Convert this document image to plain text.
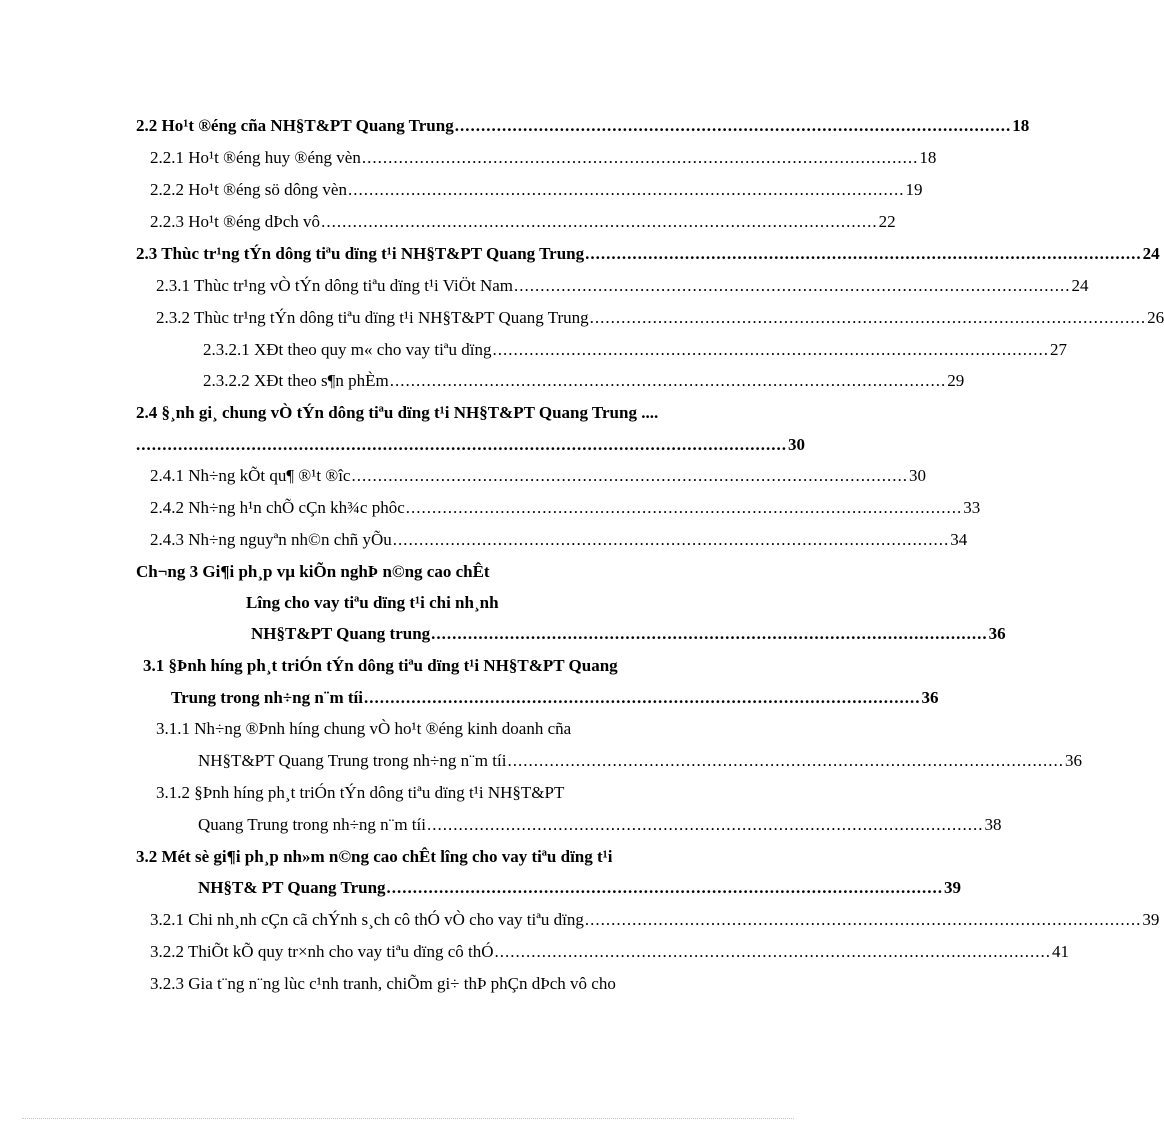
2.2 Ho¹t ®éng cña NH§T&PT Quang Trung .......................................................................................................... 18
2.2.1 Ho¹t ®éng huy ®éng vèn .......................................................................................................... 18
2.2.2 Ho¹t ®éng sö dông vèn .......................................................................................................... 19
2.2.3 Ho¹t ®éng dÞch vô .......................................................................................................... 22
2.3 Thùc tr¹ng tÝn dông tiªu dïng t¹i NH§T&PT Quang Trung .......................................................................................................... 24
2.3.1 Thùc tr¹ng vÒ tÝn dông tiªu dïng t¹i ViÖt Nam .......................................................................................................... 24
2.3.2 Thùc tr¹ng tÝn dông tiªu dïng t¹i NH§T&PT Quang Trung .......................................................................................................... 26
2.3.2.1 XÐt theo quy m« cho vay tiªu dïng .......................................................................................................... 27
2.3.2.2 XÐt theo s¶n phÈm .......................................................................................................... 29
2.4 §¸nh gi¸ chung vÒ tÝn dông tiªu dïng t¹i NH§T&PT Quang Trung ....
............................................................................................................................ 30
2.4.1 Nh÷ng kÕt qu¶ ®¹t ®îc .......................................................................................................... 30
2.4.2 Nh÷ng h¹n chÕ cÇn kh¾c phôc .......................................................................................................... 33
2.4.3 Nh÷ng nguyªn nh©n chñ yÕu .......................................................................................................... 34
Ch¬ng 3 Gi¶i ph¸p vµ kiÕn nghÞ n©ng cao chÊt
Lîng cho vay tiªu dïng t¹i chi nh¸nh
NH§T&PT Quang trung .......................................................................................................... 36
3.1 §Þnh híng ph¸t triÓn tÝn dông tiªu dïng t¹i NH§T&PT Quang
Trung trong nh÷ng n¨m tíi .......................................................................................................... 36
3.1.1 Nh÷ng ®Þnh híng chung vÒ ho¹t ®éng kinh doanh cña
NH§T&PT Quang Trung trong nh÷ng n¨m tíi .......................................................................................................... 36
3.1.2 §Þnh híng ph¸t triÓn tÝn dông tiªu dïng t¹i NH§T&PT
Quang Trung trong nh÷ng n¨m tíi .......................................................................................................... 38
3.2 Mét sè gi¶i ph¸p nh»m n©ng cao chÊt lîng cho vay tiªu dïng t¹i
NH§T& PT Quang Trung .......................................................................................................... 39
3.2.1 Chi nh¸nh cÇn cã chÝnh s¸ch cô thÓ vÒ cho vay tiªu dïng .......................................................................................................... 39
3.2.2 ThiÕt kÕ quy tr×nh cho vay tiªu dïng cô thÓ .......................................................................................................... 41
3.2.3 Gia t¨ng n¨ng lùc c¹nh tranh, chiÕm gi÷ thÞ phÇn dÞch vô cho
